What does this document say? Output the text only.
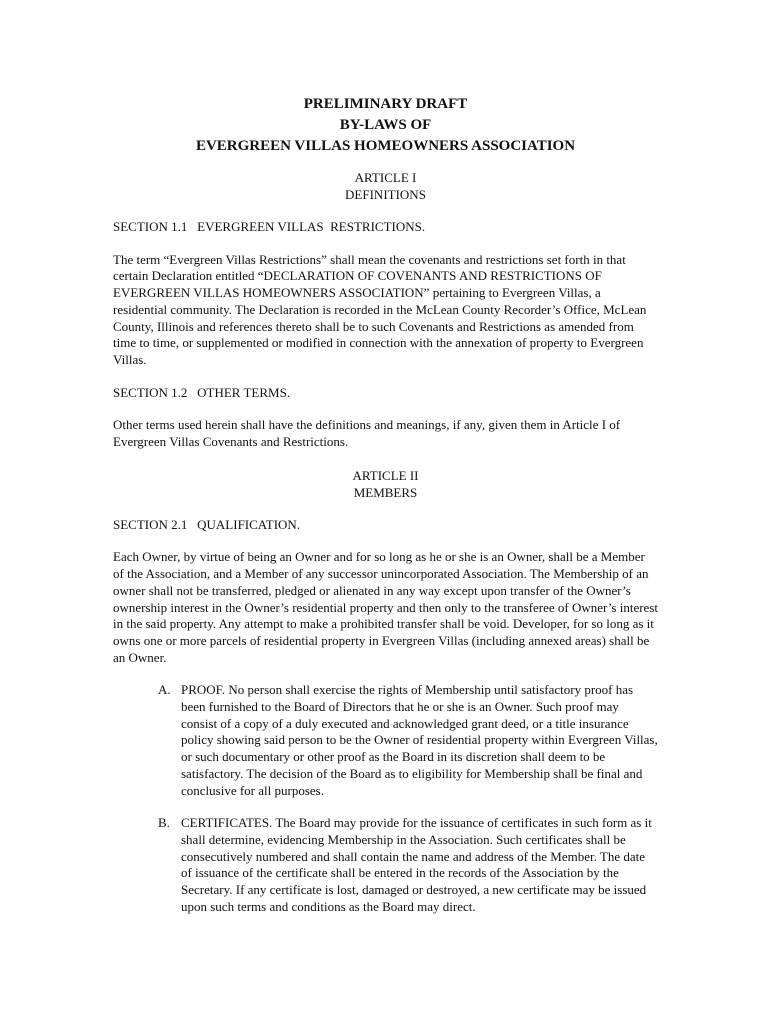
PRELIMINARY DRAFT
BY-LAWS OF
EVERGREEN VILLAS HOMEOWNERS ASSOCIATION
ARTICLE I
DEFINITIONS
SECTION 1.1   EVERGREEN VILLAS  RESTRICTIONS.

The term “Evergreen Villas Restrictions” shall mean the covenants and restrictions set forth in that certain Declaration entitled “DECLARATION OF COVENANTS AND RESTRICTIONS OF EVERGREEN VILLAS HOMEOWNERS ASSOCIATION” pertaining to Evergreen Villas, a residential community. The Declaration is recorded in the McLean County Recorder’s Office, McLean County, Illinois and references thereto shall be to such Covenants and Restrictions as amended from time to time, or supplemented or modified in connection with the annexation of property to Evergreen Villas.

SECTION 1.2   OTHER TERMS.

Other terms used herein shall have the definitions and meanings, if any, given them in Article I of Evergreen Villas Covenants and Restrictions.

ARTICLE II
MEMBERS
SECTION 2.1   QUALIFICATION.

Each Owner, by virtue of being an Owner and for so long as he or she is an Owner, shall be a Member of the Association, and a Member of any successor unincorporated Association. The Membership of an owner shall not be transferred, pledged or alienated in any way except upon transfer of the Owner’s ownership interest in the Owner’s residential property and then only to the transferee of Owner’s interest in the said property. Any attempt to make a prohibited transfer shall be void. Developer, for so long as it owns one or more parcels of residential property in Evergreen Villas (including annexed areas) shall be an Owner.

A. PROOF. No person shall exercise the rights of Membership until satisfactory proof has been furnished to the Board of Directors that he or she is an Owner. Such proof may consist of a copy of a duly executed and acknowledged grant deed, or a title insurance policy showing said person to be the Owner of residential property within Evergreen Villas, or such documentary or other proof as the Board in its discretion shall deem to be satisfactory. The decision of the Board as to eligibility for Membership shall be final and conclusive for all purposes.
B. CERTIFICATES. The Board may provide for the issuance of certificates in such form as it shall determine, evidencing Membership in the Association. Such certificates shall be consecutively numbered and shall contain the name and address of the Member. The date of issuance of the certificate shall be entered in the records of the Association by the Secretary. If any certificate is lost, damaged or destroyed, a new certificate may be issued upon such terms and conditions as the Board may direct.
